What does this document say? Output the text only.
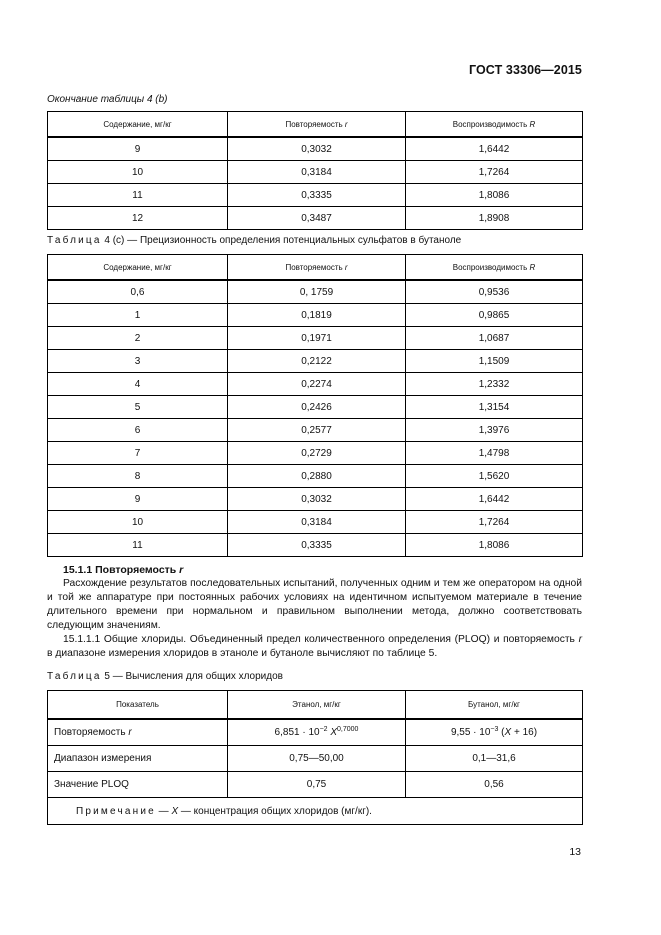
ГОСТ 33306—2015
Окончание таблицы 4 (b)
Содержание, мг/кг	Повторяемость r	Воспроизводимость R
9	0,3032	1,6442
10	0,3184	1,7264
11	0,3335	1,8086
12	0,3487	1,8908
Таблица 4 (c) — Прецизионность определения потенциальных сульфатов в бутаноле
Содержание, мг/кг	Повторяемость r	Воспроизводимость R
0,6	0, 1759	0,9536
1	0,1819	0,9865
2	0,1971	1,0687
3	0,2122	1,1509
4	0,2274	1,2332
5	0,2426	1,3154
6	0,2577	1,3976
7	0,2729	1,4798
8	0,2880	1,5620
9	0,3032	1,6442
10	0,3184	1,7264
11	0,3335	1,8086
15.1.1 Повторяемость r

Расхождение результатов последовательных испытаний, полученных одним и тем же оператором на одной и той же аппаратуре при постоянных рабочих условиях на идентичном испытуемом материале в течение длительного времени при нормальном и правильном выполнении метода, должно соответствовать следующим значениям.

15.1.1.1 Общие хлориды. Объединенный предел количественного определения (PLOQ) и повторяемость r в диапазоне измерения хлоридов в этаноле и бутаноле вычисляют по таблице 5.

Таблица 5 — Вычисления для общих хлоридов
Показатель	Этанол, мг/кг	Бутанол, мг/кг
Повторяемость r	$6,851 \cdot 10^{-2}$ $X^{0,7000}$	$9,55 \cdot 10^{-3}$ (X + 16)
Диапазон измерения	0,75—50,00	0,1—31,6
Значение PLOQ	0,75	0,56
Примечание — X — концентрация общих хлоридов (мг/кг).		
13
